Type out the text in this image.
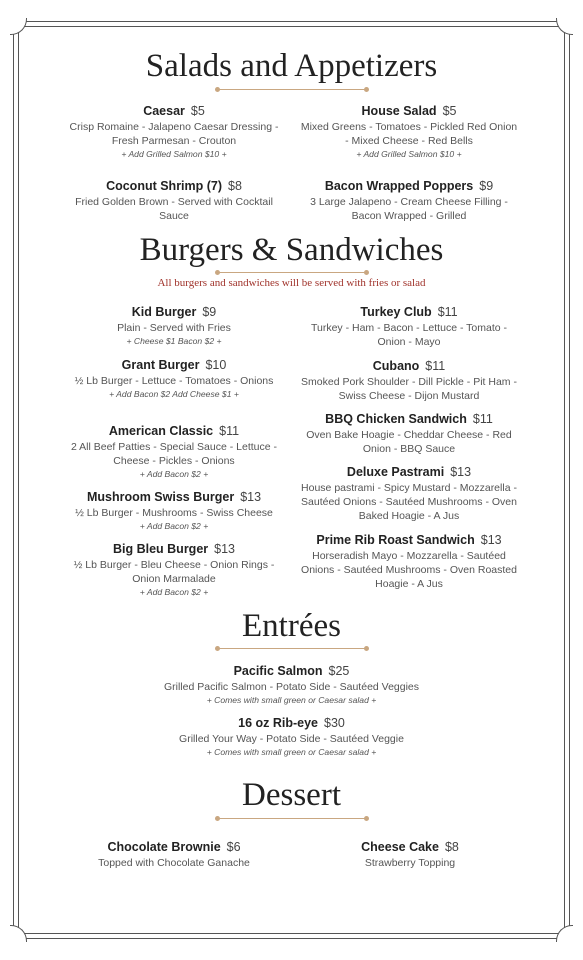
Salads and Appetizers
Caesar $5
Crisp Romaine - Jalapeno Caesar Dressing - Fresh Parmesan - Crouton
+ Add Grilled Salmon $10 +
House Salad $5
Mixed Greens - Tomatoes - Pickled Red Onion - Mixed Cheese - Red Bells
+ Add Grilled Salmon $10 +
Coconut Shrimp (7) $8
Fried Golden Brown - Served with Cocktail Sauce
Bacon Wrapped Poppers $9
3 Large Jalapeno - Cream Cheese Filling - Bacon Wrapped - Grilled
Burgers & Sandwiches
All burgers and sandwiches will be served with fries or salad
Kid Burger $9
Plain - Served with Fries
+ Cheese $1 Bacon $2 +
Grant Burger $10
½ Lb Burger - Lettuce - Tomatoes - Onions
+ Add Bacon $2 Add Cheese $1 +
American Classic $11
2 All Beef Patties - Special Sauce - Lettuce - Cheese - Pickles - Onions
+ Add Bacon $2 +
Mushroom Swiss Burger $13
½ Lb Burger - Mushrooms - Swiss Cheese
+ Add Bacon $2 +
Big Bleu Burger $13
½ Lb Burger - Bleu Cheese - Onion Rings - Onion Marmalade
+ Add Bacon $2 +
Turkey Club $11
Turkey - Ham - Bacon - Lettuce - Tomato - Onion - Mayo
Cubano $11
Smoked Pork Shoulder - Dill Pickle - Pit Ham - Swiss Cheese - Dijon Mustard
BBQ Chicken Sandwich $11
Oven Bake Hoagie - Cheddar Cheese - Red Onion - BBQ Sauce
Deluxe Pastrami $13
House pastrami - Spicy Mustard - Mozzarella - Sautéed Onions - Sautéed Mushrooms - Oven Baked Hoagie - A Jus
Prime Rib Roast Sandwich $13
Horseradish Mayo - Mozzarella - Sautéed Onions - Sautéed Mushrooms - Oven Roasted Hoagie - A Jus
Entrées
Pacific Salmon $25
Grilled Pacific Salmon - Potato Side - Sautéed Veggies
+ Comes with small green or Caesar salad +
16 oz Rib-eye $30
Grilled Your Way - Potato Side - Sautéed Veggie
+ Comes with small green or Caesar salad +
Dessert
Chocolate Brownie $6
Topped with Chocolate Ganache
Cheese Cake $8
Strawberry Topping
